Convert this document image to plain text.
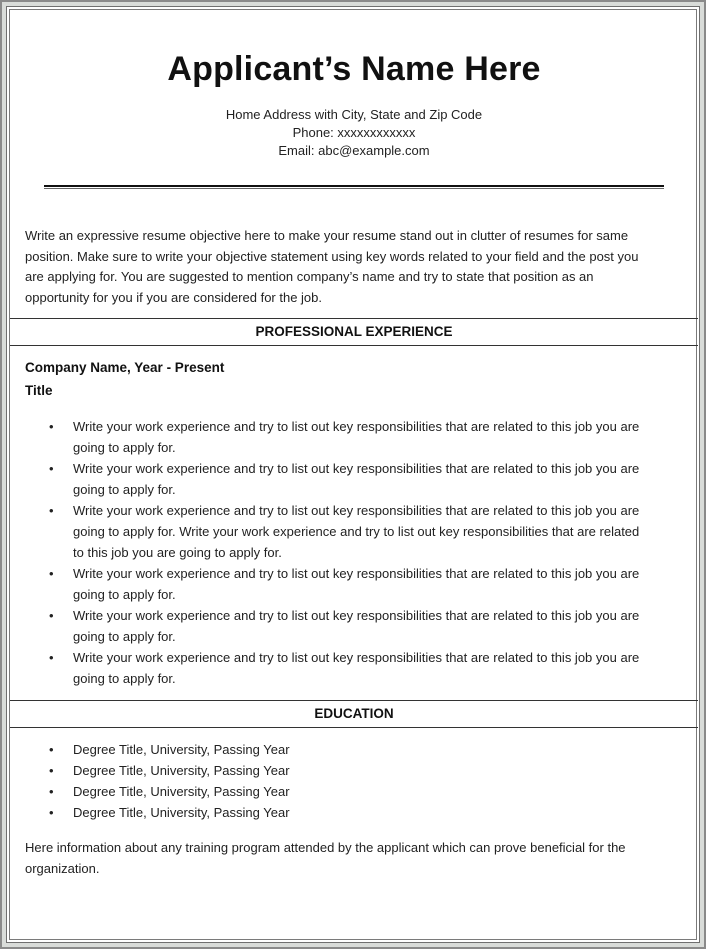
Applicant’s Name Here
Home Address with City, State and Zip Code
Phone: xxxxxxxxxxxx
Email: abc@example.com
Write an expressive resume objective here to make your resume stand out in clutter of resumes for same
position. Make sure to write your objective statement using key words related to your field and the post you
are applying for. You are suggested to mention company’s name and try to state that position as an
opportunity for you if you are considered for the job.
PROFESSIONAL EXPERIENCE
Company Name, Year - Present
Title
• Write your work experience and try to list out key responsibilities that are related to this job you are
going to apply for.
• Write your work experience and try to list out key responsibilities that are related to this job you are
going to apply for.
• Write your work experience and try to list out key responsibilities that are related to this job you are
going to apply for. Write your work experience and try to list out key responsibilities that are related
to this job you are going to apply for.
• Write your work experience and try to list out key responsibilities that are related to this job you are
going to apply for.
• Write your work experience and try to list out key responsibilities that are related to this job you are
going to apply for.
• Write your work experience and try to list out key responsibilities that are related to this job you are
going to apply for.
EDUCATION
• Degree Title, University, Passing Year
• Degree Title, University, Passing Year
• Degree Title, University, Passing Year
• Degree Title, University, Passing Year
Here information about any training program attended by the applicant which can prove beneficial for the
organization.
